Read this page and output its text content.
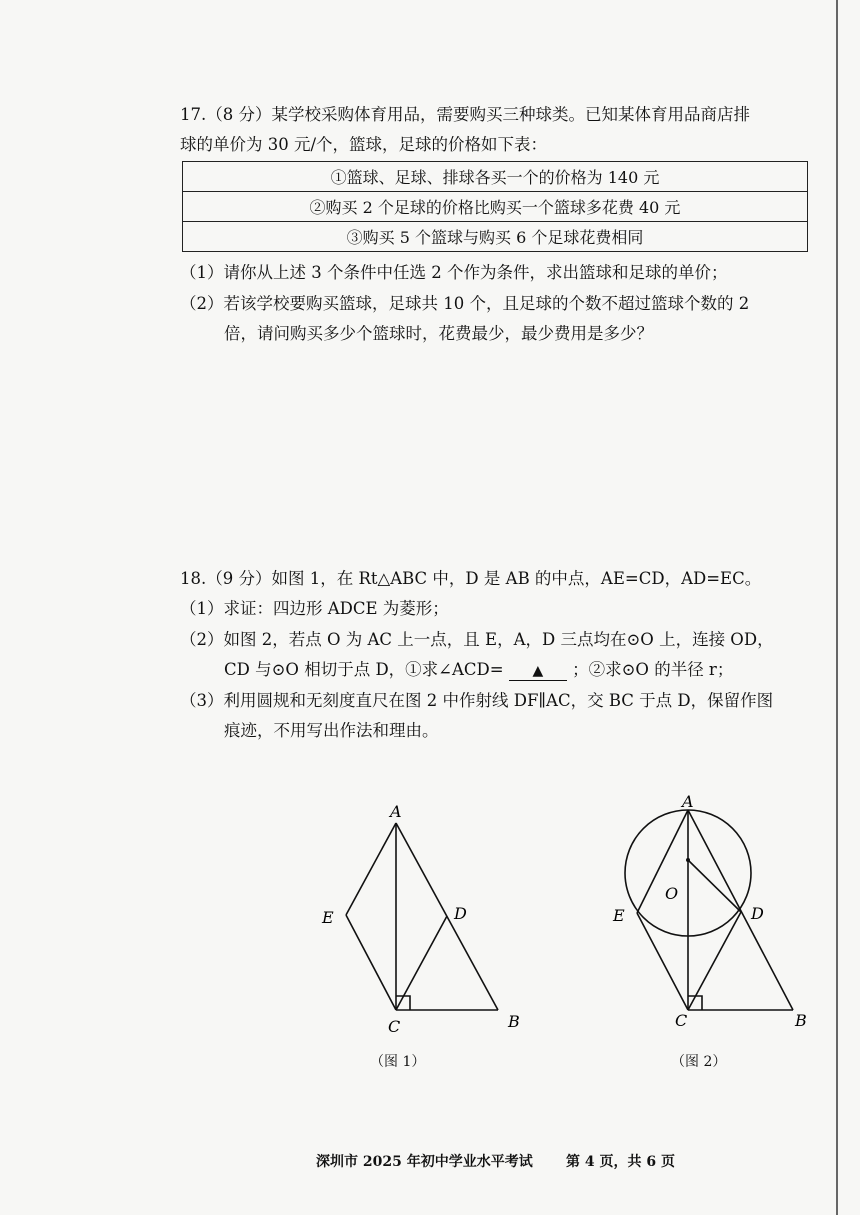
17.（8 分）某学校采购体育用品，需要购买三种球类。已知某体育用品商店排
球的单价为 30 元/个，篮球，足球的价格如下表：
①篮球、足球、排球各买一个的价格为 140 元
②购买 2 个足球的价格比购买一个篮球多花费 40 元
③购买 5 个篮球与购买 6 个足球花费相同
（1）请你从上述 3 个条件中任选 2 个作为条件，求出篮球和足球的单价；
（2）若该学校要购买篮球，足球共 10 个，且足球的个数不超过篮球个数的 2
倍，请问购买多少个篮球时，花费最少，最少费用是多少？
18.（9 分）如图 1，在 Rt△ABC 中，D 是 AB 的中点，AE=CD，AD=EC。
（1）求证：四边形 ADCE 为菱形；
（2）如图 2，若点 O 为 AC 上一点，且 E，A，D 三点均在⊙O 上，连接 OD，
CD 与⊙O 相切于点 D，①求∠ACD= ▲ ；②求⊙O 的半径 r；
（3）利用圆规和无刻度直尺在图 2 中作射线 DF∥AC，交 BC 于点 D，保留作图
痕迹，不用写出作法和理由。
A
E	D
C	B
（图 1）
A
O
E	D
C	B
（图 2）
深圳市 2025 年初中学业水平考试 第 4 页，共 6 页
